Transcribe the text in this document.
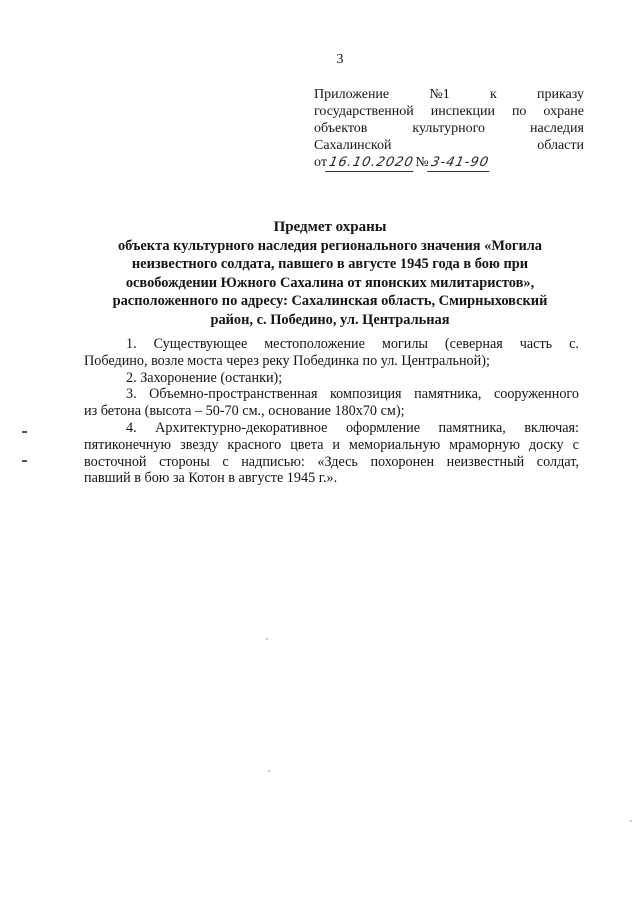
3
Приложение	№1	к	приказу
государственной инспекции по охране
объектов	культурного	наследия
Сахалинской	области
от 16.10.2020 № 3-41-90
Предмет охраны
объекта культурного наследия регионального значения «Могила
неизвестного солдата, павшего в августе 1945 года в бою при
освобождении Южного Сахалина от японских милитаристов»,
расположенного по адресу: Сахалинская область, Смирныховский
район, с. Победино, ул. Центральная
1. Существующее местоположение могилы (северная часть с.
Победино, возле моста через реку Побединка по ул. Центральной);
2. Захоронение (останки);
3. Объемно-пространственная композиция памятника, сооруженного
из бетона (высота – 50-70 см., основание 180х70 см);
4. Архитектурно-декоративное оформление памятника, включая:
пятиконечную звезду красного цвета и мемориальную мраморную доску с
восточной стороны с надписью: «Здесь похоронен неизвестный солдат,
павший в бою за Котон в августе 1945 г.».
